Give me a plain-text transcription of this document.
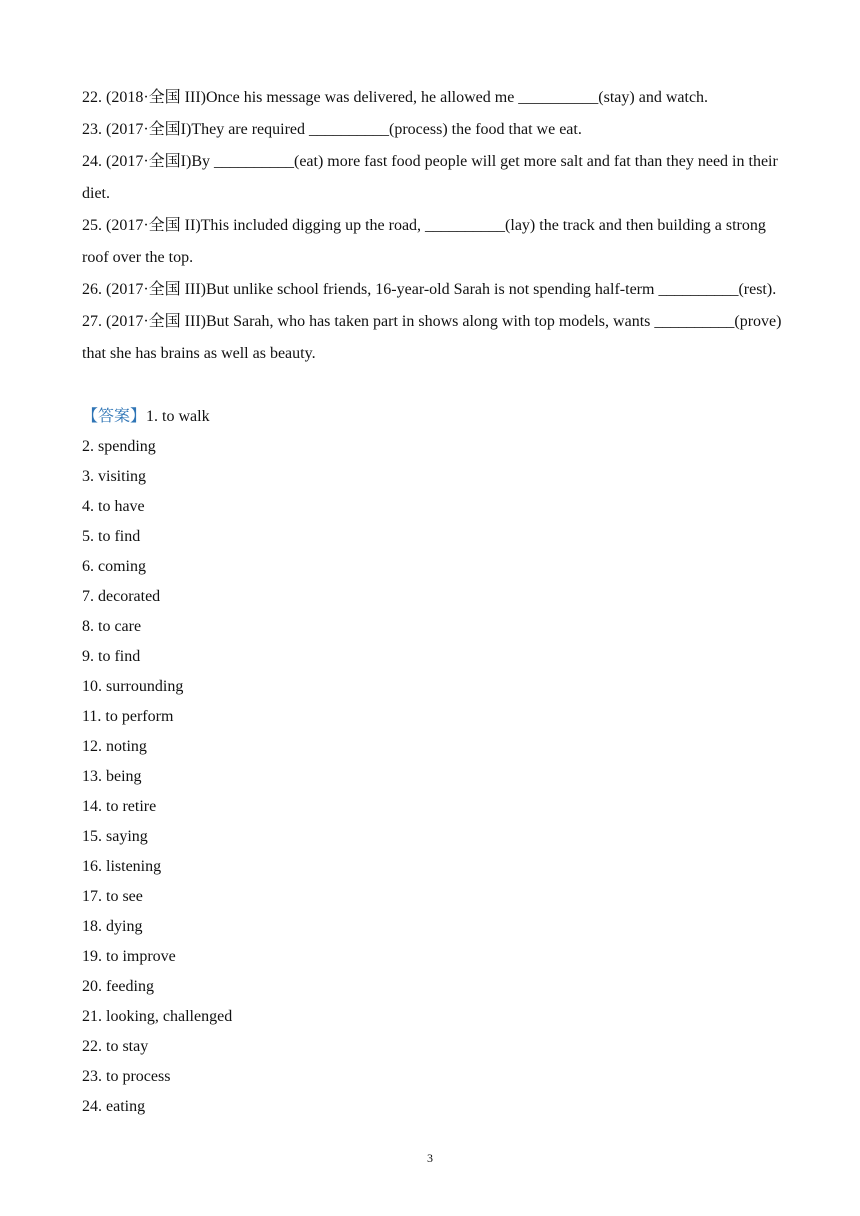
22. (2018·全国 III)Once his message was delivered, he allowed me __________(stay) and watch.

23. (2017·全国I)They are required __________(process) the food that we eat.

24. (2017·全国I)By __________(eat) more fast food people will get more salt and fat than they need in their diet.

25. (2017·全国 II)This included digging up the road, __________(lay) the track and then building a strong roof over the top.

26. (2017·全国 III)But unlike school friends, 16-year-old Sarah is not spending half-term __________(rest).

27. (2017·全国 III)But Sarah, who has taken part in shows along with top models, wants __________(prove) that she has brains as well as beauty.

【答案】1. to walk

2. spending

3. visiting

4. to have

5. to find

6. coming

7. decorated

8. to care

9. to find

10. surrounding

11. to perform

12. noting

13. being

14. to retire

15. saying

16. listening

17. to see

18. dying

19. to improve

20. feeding

21. looking, challenged

22. to stay

23. to process

24. eating

3
